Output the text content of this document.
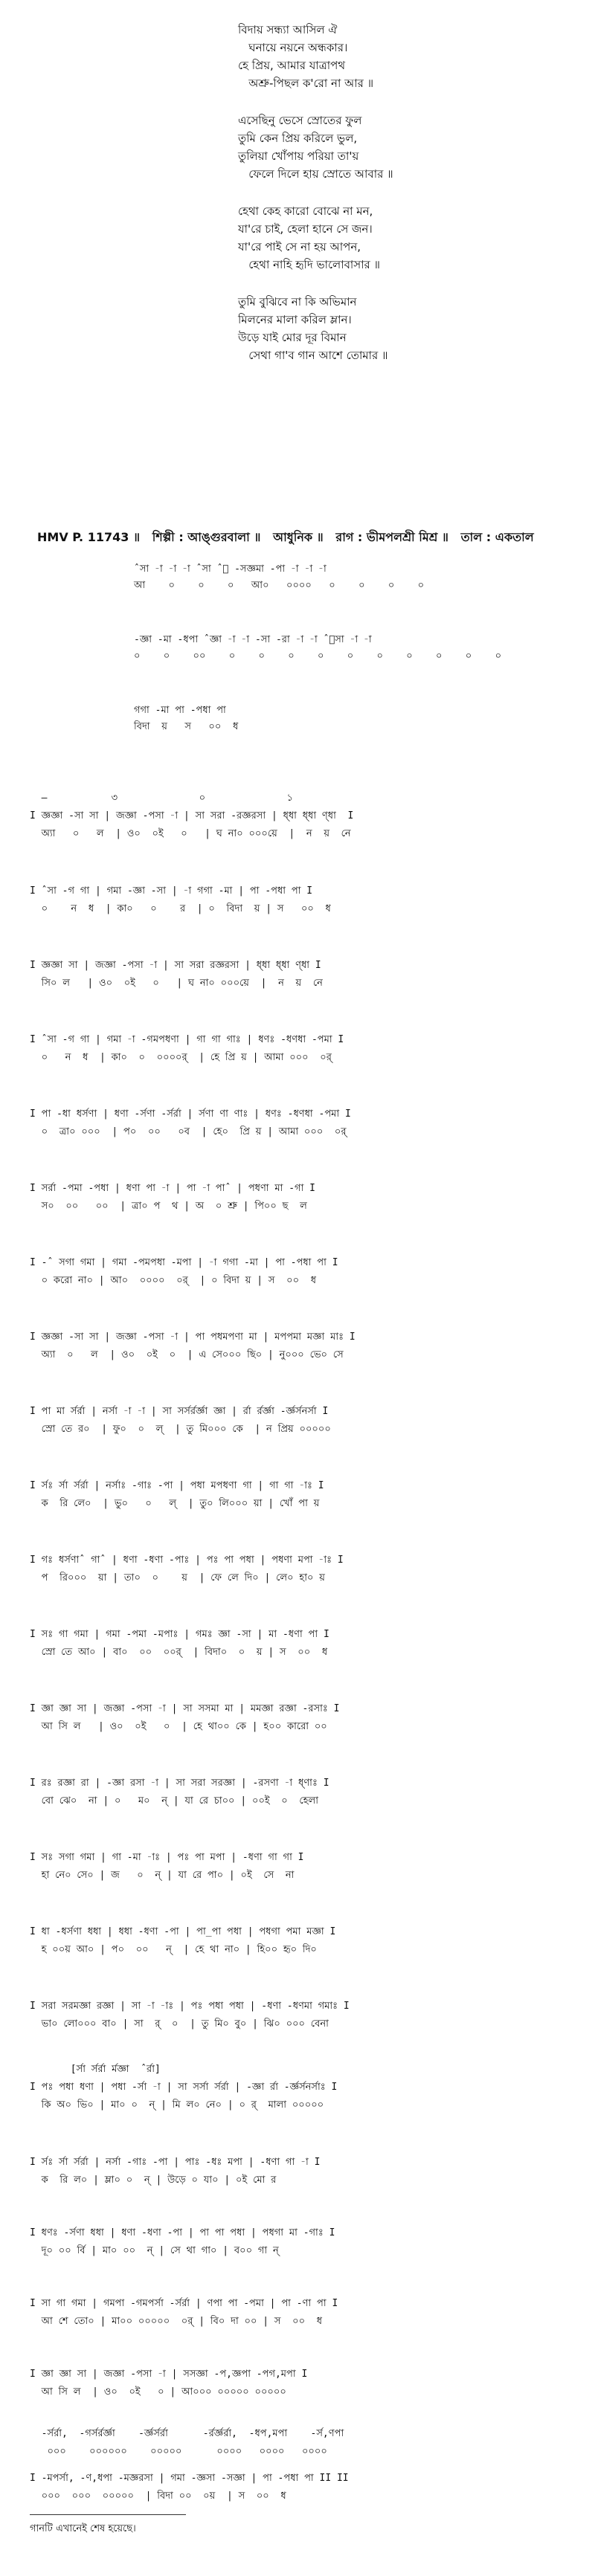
বিদায় সন্ধ্যা আসিল ঐ
ঘনায়ে নয়নে অন্ধকার।
হে প্রিয়, আমার যাত্রাপথ
অশ্রু-পিছল ক'রো না আর ॥
এসেছিনু ভেসে স্রোতের ফুল
তুমি কেন প্রিয় করিলে ভুল,
তুলিয়া খোঁপায় পরিয়া তা'য়
ফেলে দিলে হায় স্রোতে আবার ॥
হেথা কেহ কারো বোঝে না মন,
যা'রে চাই, হেলা হানে সে জন।
যা'রে পাই সে না হয় আপন,
হেথা নাহি হৃদি ভালোবাসার ॥
তুমি বুঝিবে না কি অভিমান
মিলনের মালা করিল ম্লান।
উড়ে যাই মোর দূর বিমান
সেথা গা'ব গান আশে তোমার ॥
HMV P. 11743 ॥   শিল্পী : আঙ্গুরবালা ॥   আধুনিক ॥   রাগ : ভীমপলশ্রী মিশ্র ॥   তাল : একতাল
ˆসা -া -া -া ˆসা ˆঁ -সজ্ঞমা -পা -া -া -া
আ    ০    ০    ০   আ০   ০০০০   ০    ০    ০    ০
-জ্ঞা -মা -ধপা ˆজ্ঞা -া -া -সা -রা -া -া ˆঁসা -া -া
০    ০    ০০    ০    ০    ০    ০    ০    ০    ০    ০    ০    ০
গগা -মা পা -পধা পা
বিদা  য়   স   ০০  ধ
—           ৩              ০              ১
I জ্ঞজ্ঞা -সা সা | জজ্ঞা -পসা -া | সা সরা -রজ্ঞরসা | ধ্ধা ধ্ধা ণ্ধা  I
অ্যা   ০   ল  | ও০  ০ই   ০   | ঘ না০ ০০০য়ে  |  ন  য়  নে
I ˆসা -গ গা | গমা -জ্ঞা -সা | -া গগা -মা | পা -পধা পা I
০    ন  ধ  | কা০   ০    র  | ০  বিদা  য় | স   ০০  ধ
I জ্ঞজ্ঞা সা | জজ্ঞা -পসা -া | সা সরা রজ্ঞরসা | ধ্ধা ধ্ধা ণ্ধা I
সি০ ল   | ও০  ০ই   ০   | ঘ না০ ০০০য়ে  |  ন  য়  নে
I ˆসা -গ গা | গমা -া -গমপধণা | গা গা গাঃ | ধণঃ -ধণধা -পমা I
০   ন  ধ  | কা০  ০  ০০০০র্  | হে প্রি য় | আমা ০০০  ০র্
I পা -ধা ধর্সণা | ধণা -র্সণা -র্সর্রা | র্সণা ণা ণাঃ | ধণঃ -ধণধা -পমা I
০  ত্রা০ ০০০  | প০  ০০   ০ব  | হে০  প্রি য় | আমা ০০০  ০র্
I সর্রা -পমা -পধা | ধণা পা -া | পা -া পাˆ | পধণা মা -গা I
স০  ০০   ০০  | ত্রা০ প  থ | অ  ০ শ্রু | পি০০ ছ  ল
I -ˆ সগা গমা | গমা -পমপধা -মপা | -া গগা -মা | পা -পধা পা I
০ করো না০ | আ০  ০০০০  ০র্  | ০ বিদা য় | স  ০০  ধ
I জ্ঞজ্ঞা -সা সা | জজ্ঞা -পসা -া | পা পধমপণা মা | মপপমা মজ্ঞা মাঃ I
অ্যা  ০   ল  | ও০  ০ই  ০  | এ সে০০০ ছি০ | নু০০০ ভে০ সে
I পা মা র্সর্রা | নর্সা -া -া | সা সর্সর্রর্জ্ঞা জ্ঞা | র্রা র্রর্জ্ঞা -র্জ্ঞর্সনর্সা I
স্রো তে র০  | ফু০  ০  ল্  | তু মি০০০ কে  | ন প্রিয় ০০০০০
I র্সঃ র্সা র্সর্রা | নর্সাঃ -গাঃ -পা | পধা মপধণা গা | গা গা -াঃ I
ক  রি লে০  | ভু০   ০   ল্  | তু০ লি০০০ য়া | খোঁ পা য়
I গঃ ধর্সণাˆ গাˆ | ধণা -ধণা -পাঃ | পঃ পা পধা | পধণা মপা -াঃ I
প  রি০০০  য়া | তা০  ০    য়  | ফে লে দি০ | লে০ হা০ য়
I সঃ গা গমা | গমা -পমা -মপাঃ | গমঃ জ্ঞা -সা | মা -ধণা পা I
স্রো তে আ০ | বা০  ০০  ০০র্  | বিদা০  ০  য় | স  ০০  ধ
I জ্ঞা জ্ঞা সা | জজ্ঞা -পসা -া | সা সসমা মা | মমজ্ঞা রজ্ঞা -রসাঃ I
আ সি ল   | ও০  ০ই   ০  | হে থা০০ কে | হ০০ কারো ০০
I রঃ রজ্ঞা রা | -জ্ঞা রসা -া | সা সরা সরজ্ঞা | -রসণা -া ধ্ণাঃ I
বো ঝে০  না | ০   ম০  ন্ | যা রে চা০০ | ০০ই  ০  হেলা
I সঃ সগা গমা | গা -মা -াঃ | পঃ পা মপা | -ধণা গা গা I
হা নে০ সে০ | জ   ০  ন্ | যা রে পা০ | ০ই  সে  না
I ধা -ধর্সণা ধধা | ধধা -ধণা -পা | পা_পা পধা | পধগা পমা মজ্ঞা I
হ ০০য় আ০ | প০  ০০   ন্  | হে থা না০ | হি০০ হৃ০ দি০
I সরা সরমজ্ঞা রজ্ঞা | সা -া -াঃ | পঃ পধা পধা | -ধণা -ধণমা গমাঃ I
ভা০ লো০০০ বা০ | সা  র্  ০  | তু মি০ বু০ | ঝি০ ০০০ বেনা
[র্সা র্সর্রা র্মজ্ঞা  ˆর্রা]
I পঃ পধা ধণা | পধা -র্সা -া | সা সর্সা র্সর্রা | -জ্ঞা র্রা -র্জ্ঞর্সনর্সাঃ I
কি অ০ ভি০ | মা০ ০  ন্ | মি ল০ নে০ | ০ র্  মালা ০০০০০
I র্সঃ র্সা র্সর্রা | নর্সা -গাঃ -পা | পাঃ -ধঃ মপা | -ধণা গা -া I
ক  রি ল০ | ম্লা০ ০  ন্ | উড়ে ০ যা০ | ০ই মো র
I ধণঃ -র্সণা ধধা | ধণা -ধণা -পা | পা পা পধা | পধগা মা -গাঃ I
দূ০ ০০ র্বি | মা০ ০০  ন্ | সে থা গা০ | ব০০ গা ন্
I সা গা গমা | গমপা -গমপর্সা -র্সর্রা | ণপা পা -পমা | পা -ণা পা I
আ শে তো০ | মা০০ ০০০০০  ০র্ | বি০ দা ০০ | স  ০০  ধ
I জ্ঞা জ্ঞা সা | জজ্ঞা -পসা -া | সসজ্ঞা -প,জ্ঞপা -পগ,মপা I
আ সি ল  | ও০  ০ই   ০ | আ০০০ ০০০০০ ০০০০০
-র্সর্রা,  -গর্সর্রর্জ্ঞা    -র্জ্ঞর্সর্রা      -র্রর্জ্ঞর্রা,  -ধপ,মপা    -র্স,ণপা
০০০    ০০০০০০    ০০০০০      ০০০০   ০০০০   ০০০০
I -মপর্সা, -ণ,ধপা -মজ্ঞরসা | গমা -জ্ঞসা -সজ্ঞা | পা -পধা পা II II
০০০  ০০০  ০০০০০  | বিদা ০০  ০য়  | স  ০০  ধ
গানটি এখানেই শেষ হয়েছে।
